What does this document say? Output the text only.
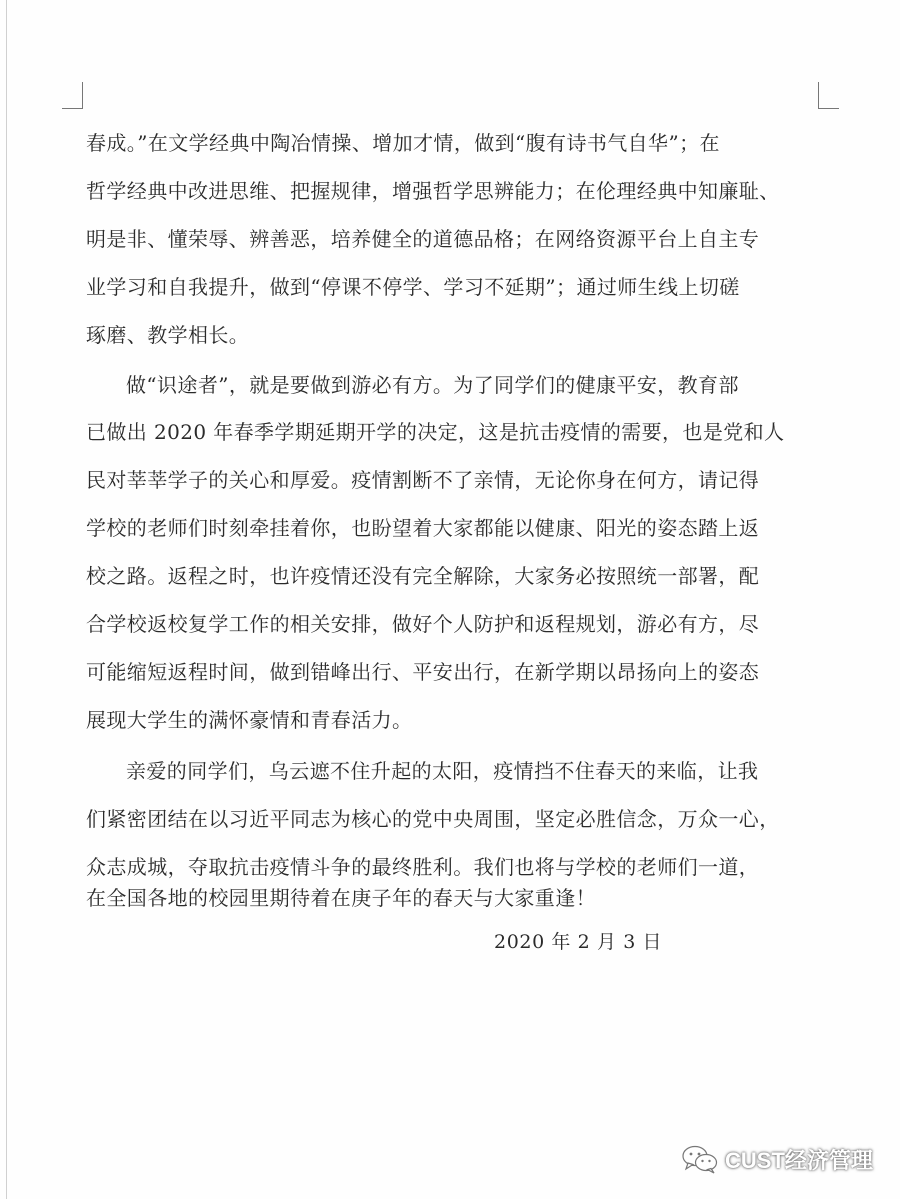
春成。”在文学经典中陶冶情操、增加才情，做到“腹有诗书气自华”；在
哲学经典中改进思维、把握规律，增强哲学思辨能力；在伦理经典中知廉耻、
明是非、懂荣辱、辨善恶，培养健全的道德品格；在网络资源平台上自主专
业学习和自我提升，做到“停课不停学、学习不延期”；通过师生线上切磋
琢磨、教学相长。
做“识途者”，就是要做到游必有方。为了同学们的健康平安，教育部
已做出 2020 年春季学期延期开学的决定，这是抗击疫情的需要，也是党和人
民对莘莘学子的关心和厚爱。疫情割断不了亲情，无论你身在何方，请记得
学校的老师们时刻牵挂着你，也盼望着大家都能以健康、阳光的姿态踏上返
校之路。返程之时，也许疫情还没有完全解除，大家务必按照统一部署，配
合学校返校复学工作的相关安排，做好个人防护和返程规划，游必有方，尽
可能缩短返程时间，做到错峰出行、平安出行，在新学期以昂扬向上的姿态
展现大学生的满怀豪情和青春活力。
亲爱的同学们，乌云遮不住升起的太阳，疫情挡不住春天的来临，让我
们紧密团结在以习近平同志为核心的党中央周围，坚定必胜信念，万众一心，
众志成城，夺取抗击疫情斗争的最终胜利。我们也将与学校的老师们一道，
在全国各地的校园里期待着在庚子年的春天与大家重逢！
2020 年 2 月 3 日
CUST经济管理
